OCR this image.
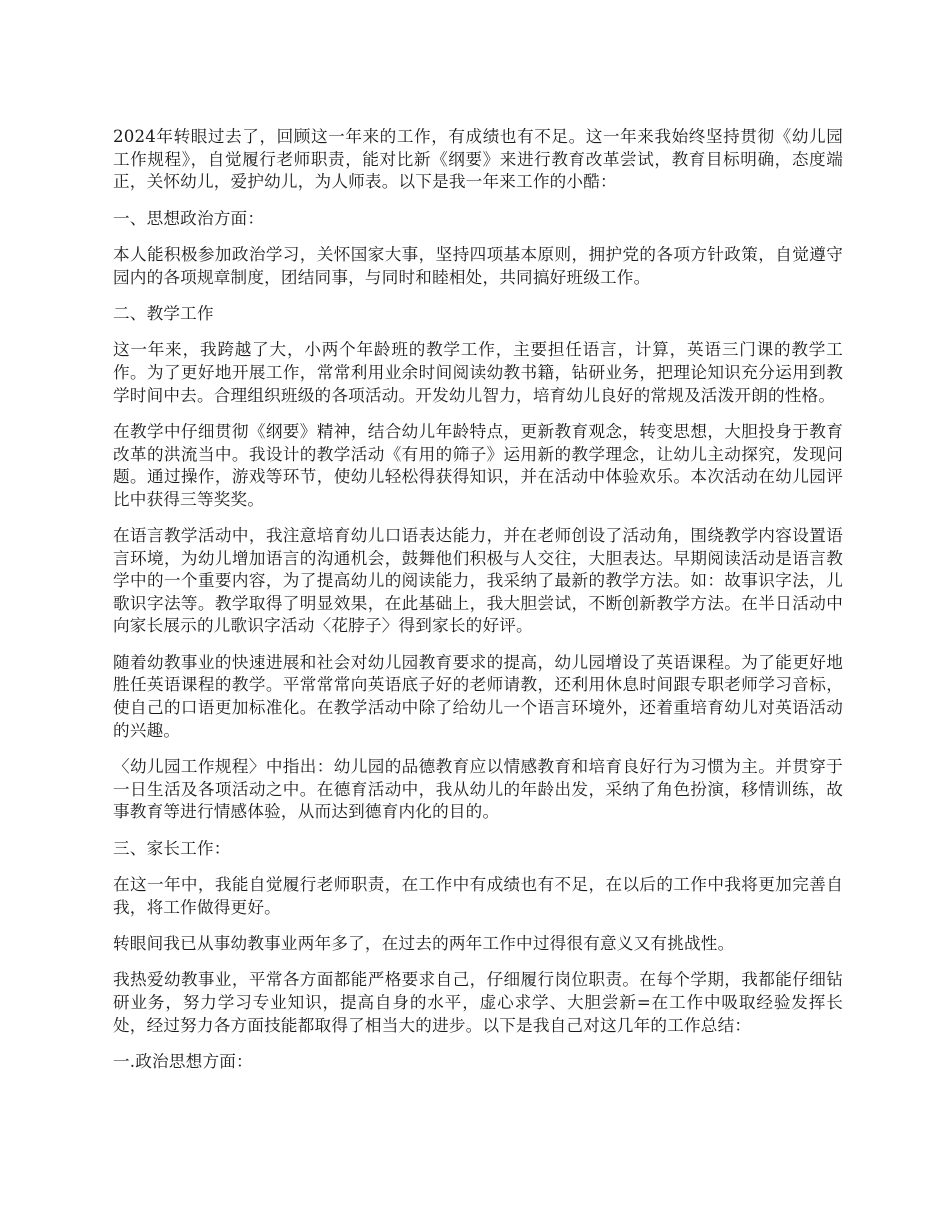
2024年转眼过去了，回顾这一年来的工作，有成绩也有不足。这一年来我始终坚持贯彻《幼儿园工作规程》，自觉履行老师职责，能对比新《纲要》来进行教育改革尝试，教育目标明确，态度端正，关怀幼儿，爱护幼儿，为人师表。以下是我一年来工作的小酷：

一、思想政治方面：

本人能积极参加政治学习，关怀国家大事，坚持四项基本原则，拥护党的各项方针政策，自觉遵守园内的各项规章制度，团结同事，与同时和睦相处，共同搞好班级工作。

二、教学工作

这一年来，我跨越了大，小两个年龄班的教学工作，主要担任语言，计算，英语三门课的教学工作。为了更好地开展工作，常常利用业余时间阅读幼教书籍，钻研业务，把理论知识充分运用到教学时间中去。合理组织班级的各项活动。开发幼儿智力，培育幼儿良好的常规及活泼开朗的性格。

在教学中仔细贯彻《纲要》精神，结合幼儿年龄特点，更新教育观念，转变思想，大胆投身于教育改革的洪流当中。我设计的教学活动《有用的筛子》运用新的教学理念，让幼儿主动探究，发现问题。通过操作，游戏等环节，使幼儿轻松得获得知识，并在活动中体验欢乐。本次活动在幼儿园评比中获得三等奖奖。

在语言教学活动中，我注意培育幼儿口语表达能力，并在老师创设了活动角，围绕教学内容设置语言环境，为幼儿增加语言的沟通机会，鼓舞他们积极与人交往，大胆表达。早期阅读活动是语言教学中的一个重要内容，为了提高幼儿的阅读能力，我采纳了最新的教学方法。如：故事识字法，儿歌识字法等。教学取得了明显效果，在此基础上，我大胆尝试，不断创新教学方法。在半日活动中向家长展示的儿歌识字活动〈花脖子〉得到家长的好评。

随着幼教事业的快速进展和社会对幼儿园教育要求的提高，幼儿园增设了英语课程。为了能更好地胜任英语课程的教学。平常常常向英语底子好的老师请教，还利用休息时间跟专职老师学习音标，使自己的口语更加标准化。在教学活动中除了给幼儿一个语言环境外，还着重培育幼儿对英语活动的兴趣。

〈幼儿园工作规程〉中指出：幼儿园的品德教育应以情感教育和培育良好行为习惯为主。并贯穿于一日生活及各项活动之中。在德育活动中，我从幼儿的年龄出发，采纳了角色扮演，移情训练，故事教育等进行情感体验，从而达到德育内化的目的。

三、家长工作：

在这一年中，我能自觉履行老师职责，在工作中有成绩也有不足，在以后的工作中我将更加完善自我，将工作做得更好。

转眼间我已从事幼教事业两年多了，在过去的两年工作中过得很有意义又有挑战性。

我热爱幼教事业，平常各方面都能严格要求自己，仔细履行岗位职责。在每个学期，我都能仔细钻研业务，努力学习专业知识，提高自身的水平，虚心求学、大胆尝新=在工作中吸取经验发挥长处，经过努力各方面技能都取得了相当大的进步。以下是我自己对这几年的工作总结：

一.政治思想方面：
